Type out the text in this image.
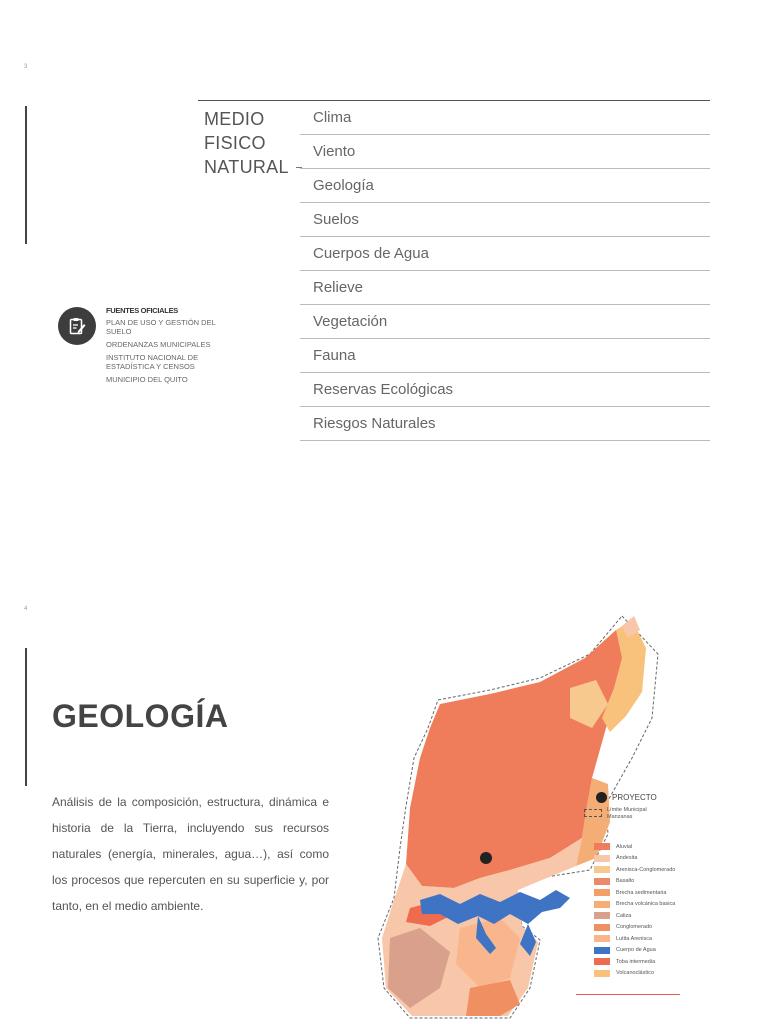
3
MEDIO
FISICO
NATURAL
Clima
Viento
Geología
Suelos
Cuerpos de Agua
Relieve
Vegetación
Fauna
Reservas Ecológicas
Riesgos Naturales
FUENTES OFICIALES
PLAN DE USO Y GESTIÓN DEL SUELO
ORDENANZAS MUNICIPALES
INSTITUTO NACIONAL DE ESTADÍSTICA Y CENSOS
MUNICIPIO DEL QUITO
4
GEOLOGÍA
Análisis de la composición, estructura, dinámica e historia de la Tierra, incluyendo sus recursos naturales (energía, minerales, agua…), así como los procesos que repercuten en su superficie y, por tanto, en el medio ambiente.
PROYECTO
Límite Municipal
Manzanas
Aluvial
Andesita
Arenisca-Conglomerado
Basalto
Brecha sedimentaria
Brecha volcánica basica
Caliza
Conglomerado
Lutita Arenisca
Cuerpo de Agua
Toba intermedia
Volcanoclástico
